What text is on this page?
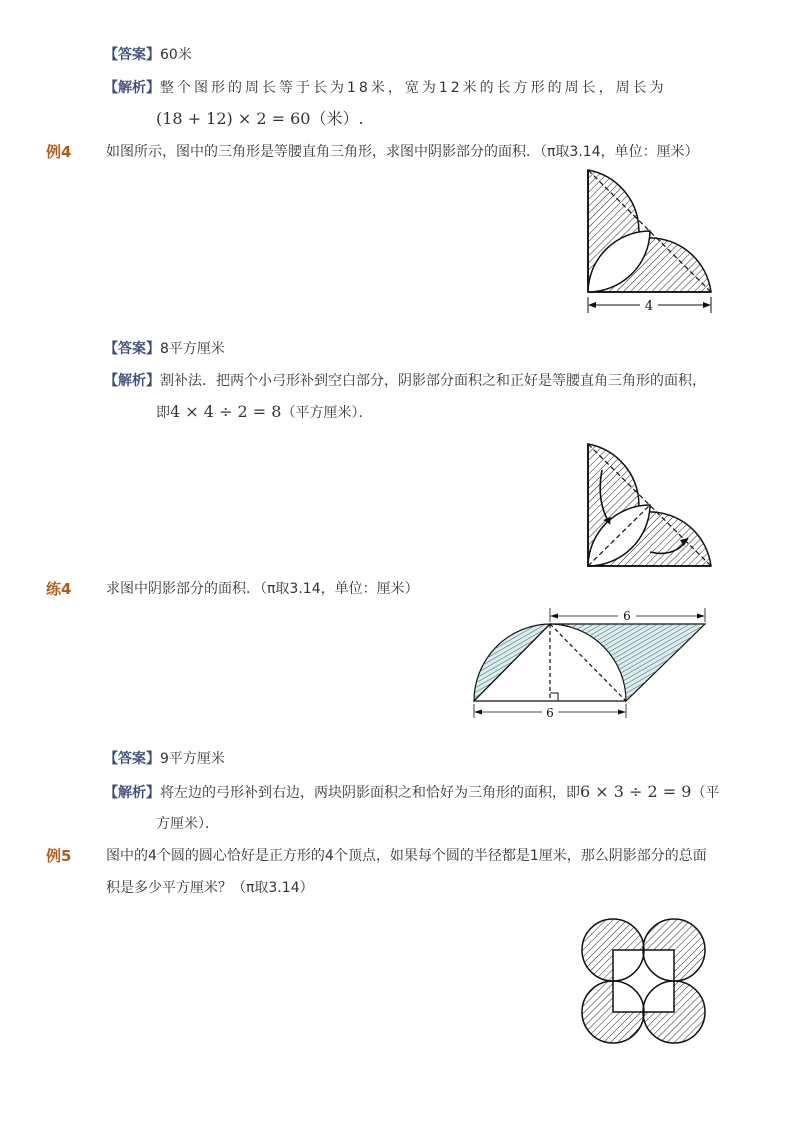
【答案】60米
【解析】整个图形的周长等于长为18米，宽为12米的长方形的周长，周长为
(18 + 12) × 2 = 60（米）.
例4 如图所示，图中的三角形是等腰直角三角形，求图中阴影部分的面积．（π取3.14，单位：厘米）
4
【答案】8平方厘米
【解析】割补法．把两个小弓形补到空白部分，阴影部分面积之和正好是等腰直角三角形的面积，
即4 × 4 ÷ 2 = 8（平方厘米）．
练4 求图中阴影部分的面积．（π取3.14，单位：厘米）
6
6
【答案】9平方厘米
【解析】将左边的弓形补到右边，两块阴影面积之和恰好为三角形的面积，即6 × 3 ÷ 2 = 9（平
方厘米）．
例5 图中的4个圆的圆心恰好是正方形的4个顶点，如果每个圆的半径都是1厘米，那么阴影部分的总面
积是多少平方厘米？（π取3.14）
